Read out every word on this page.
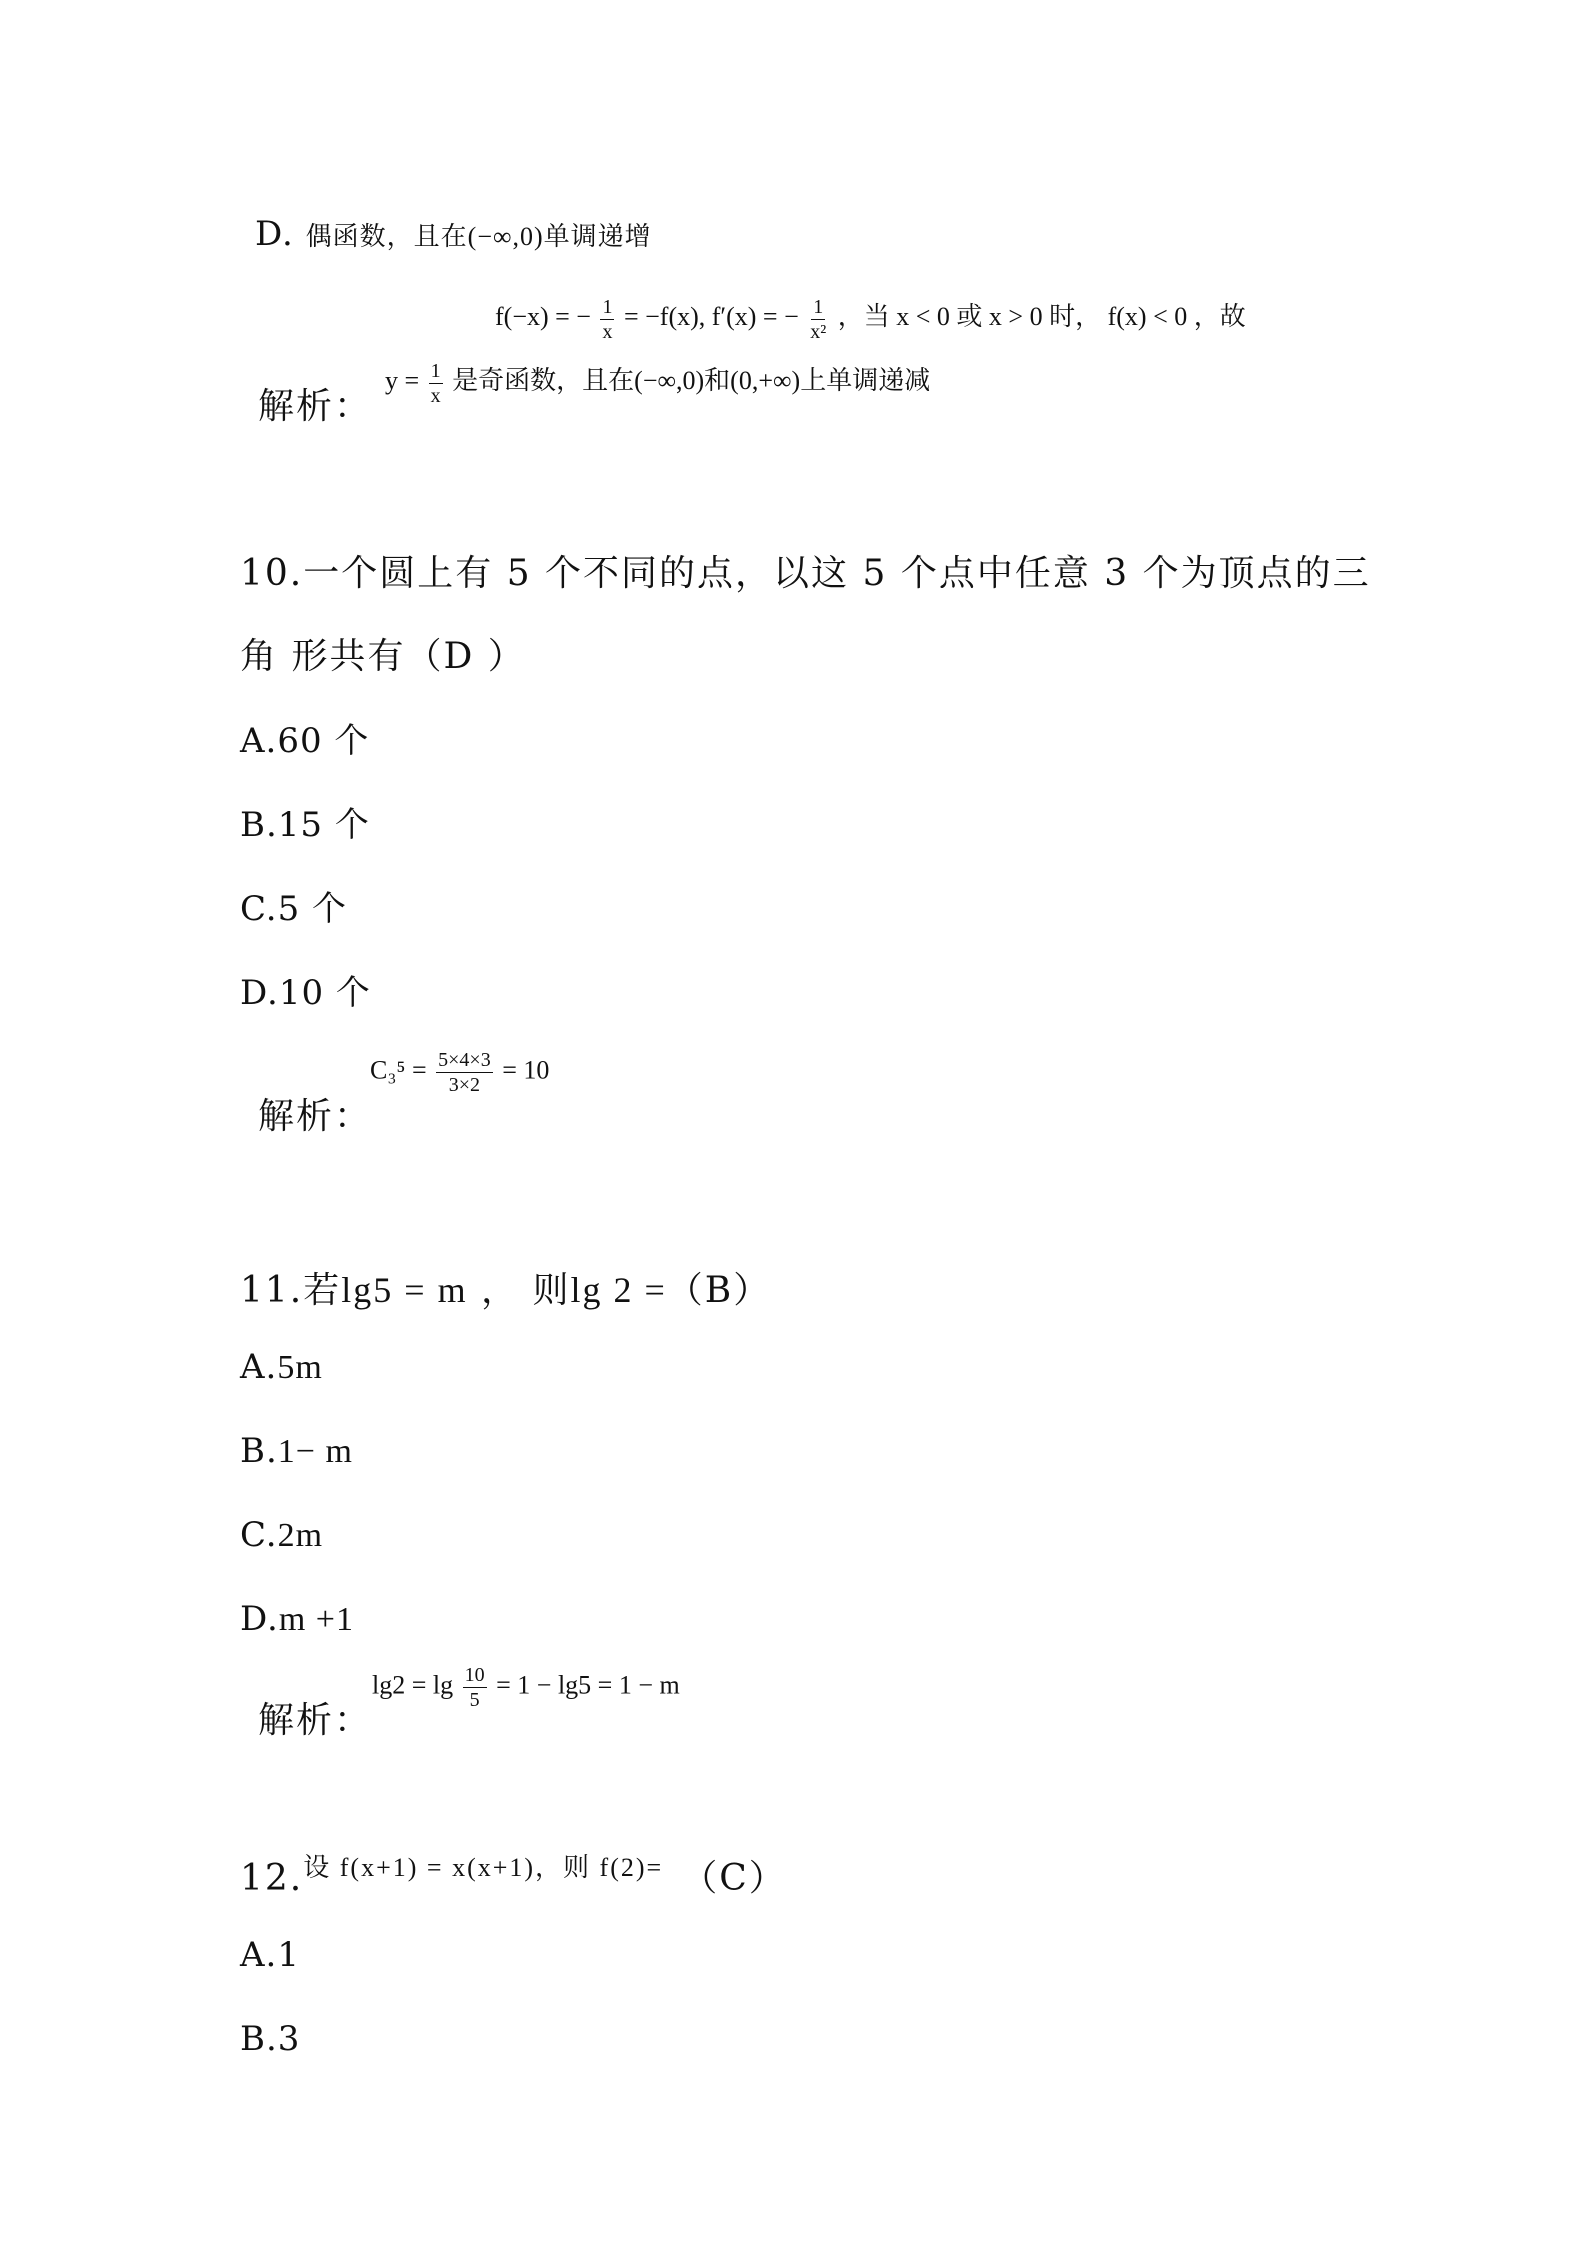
D. 偶函数，且在(−∞,0)单调递增
f(−x) = − $\frac{1}{x} = -f(x)$, f′(x) = − $\frac{1}{\text{x²}}$ ，当 x < 0 或 x > 0 时， f(x) < 0 ，故
解析：
$y = \frac{1}{x}$ 是奇函数，且在(−∞,0)和(0,+∞)上单调递减
10.一个圆上有 5 个不同的点，以这 5 个点中任意 3 个为顶点的三
角 形共有（D ）
A.60 个
B.15 个
C.5 个
D.10 个
解析：
$C_3^5 = \frac{5\times 4\times 3}{3\times 2} = 10$
11.若lg5 = m ， 则lg 2 =（B）
A.5m
B.1− m
C.2m
D.m +1
解析：
$\lg 2 = \lg \frac{10}{5} = 1 - \lg 5 = 1 - m$
12.$^{设 f(x+1) = x(x+1),则 f(2)=}$ （C）
A.1
B.3
